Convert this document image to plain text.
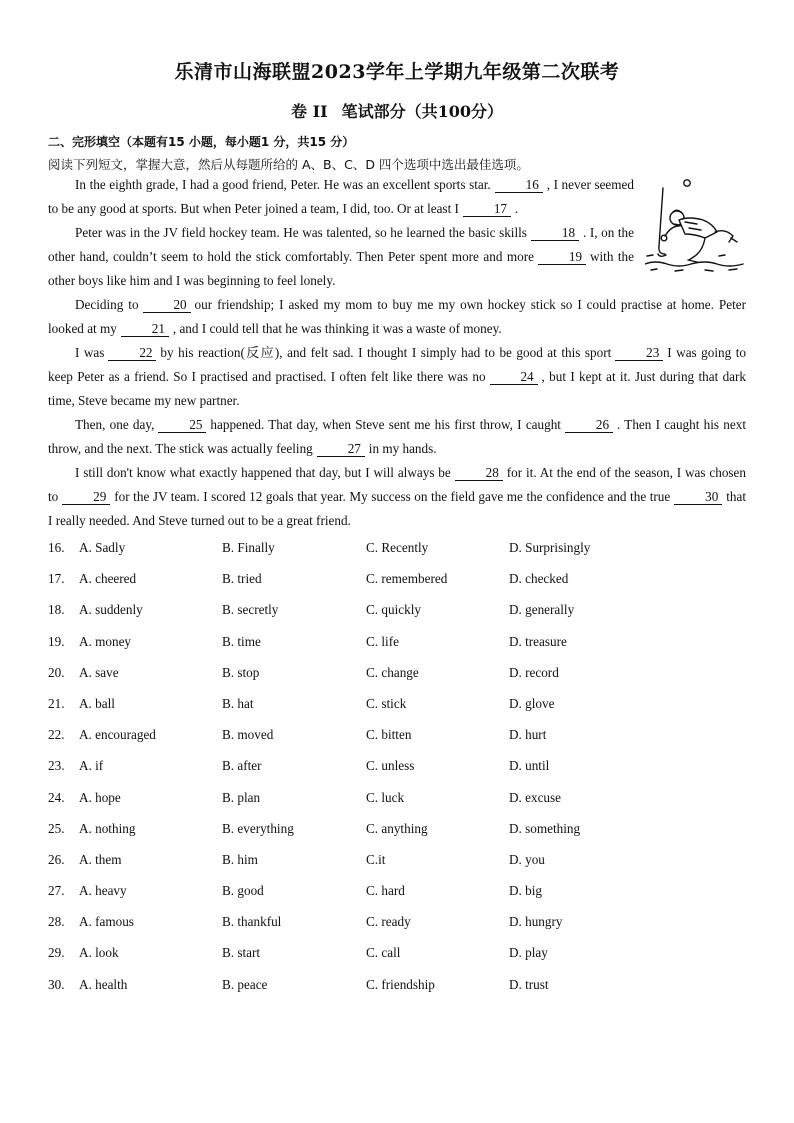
乐清市山海联盟2023学年上学期九年级第二次联考
卷 II 笔试部分（共100分）
二、完形填空（本题有15 小题，每小题1 分，共15 分）
阅读下列短文，掌握大意，然后从每题所给的 A、B、C、D 四个选项中选出最佳选项。

In the eighth grade, I had a good friend, Peter. He was an excellent sports star.	16 , I never seemed to be any good at sports. But when Peter joined a team, I did, too. Or at least I	17 .

Peter was in the JV field hockey team. He was talented, so he learned the basic skills	18 . I, on the other hand, couldn’t seem to hold the stick comfortably. Then Peter spent more and more	19 with the other boys like him and I was beginning to feel lonely.

Deciding to	20 our friendship; I asked my mom to buy me my own hockey stick so I could practise at home. Peter looked at my	21 , and I could tell that he was thinking it was a waste of money.

I was	22 by his reaction(反应), and felt sad. I thought I simply had to be good at this sport	23 I was going to keep Peter as a friend. So I practised and practised. I often felt like there was no	24 , but I kept at it. Just during that dark time, Steve became my new partner.

Then, one day,	25 happened. That day, when Steve sent me his first throw, I caught	26 . Then I caught his next throw, and the next. The stick was actually feeling	27 in my hands.

I still don't know what exactly happened that day, but I will always be	28 for it. At the end of the season, I was chosen to	29 for the JV team. I scored 12 goals that year. My success on the field gave me the confidence and the true	30 that I really needed. And Steve turned out to be a great friend.

16. A. Sadly	B. Finally	C. Recently	D. Surprisingly
17. A. cheered	B. tried	C. remembered	D. checked
18. A. suddenly	B. secretly	C. quickly	D. generally
19. A. money	B. time	C. life	D. treasure
20. A. save	B. stop	C. change	D. record
21. A. ball	B. hat	C. stick	D. glove
22. A. encouraged	B. moved	C. bitten	D. hurt
23. A. if	B. after	C. unless	D. until
24. A. hope	B. plan	C. luck	D. excuse
25. A. nothing	B. everything	C. anything	D. something
26. A. them	B. him	C.it	D. you
27. A. heavy	B. good	C. hard	D. big
28. A. famous	B. thankful	C. ready	D. hungry
29. A. look	B. start	C. call	D. play
30. A. health	B. peace	C. friendship	D. trust
